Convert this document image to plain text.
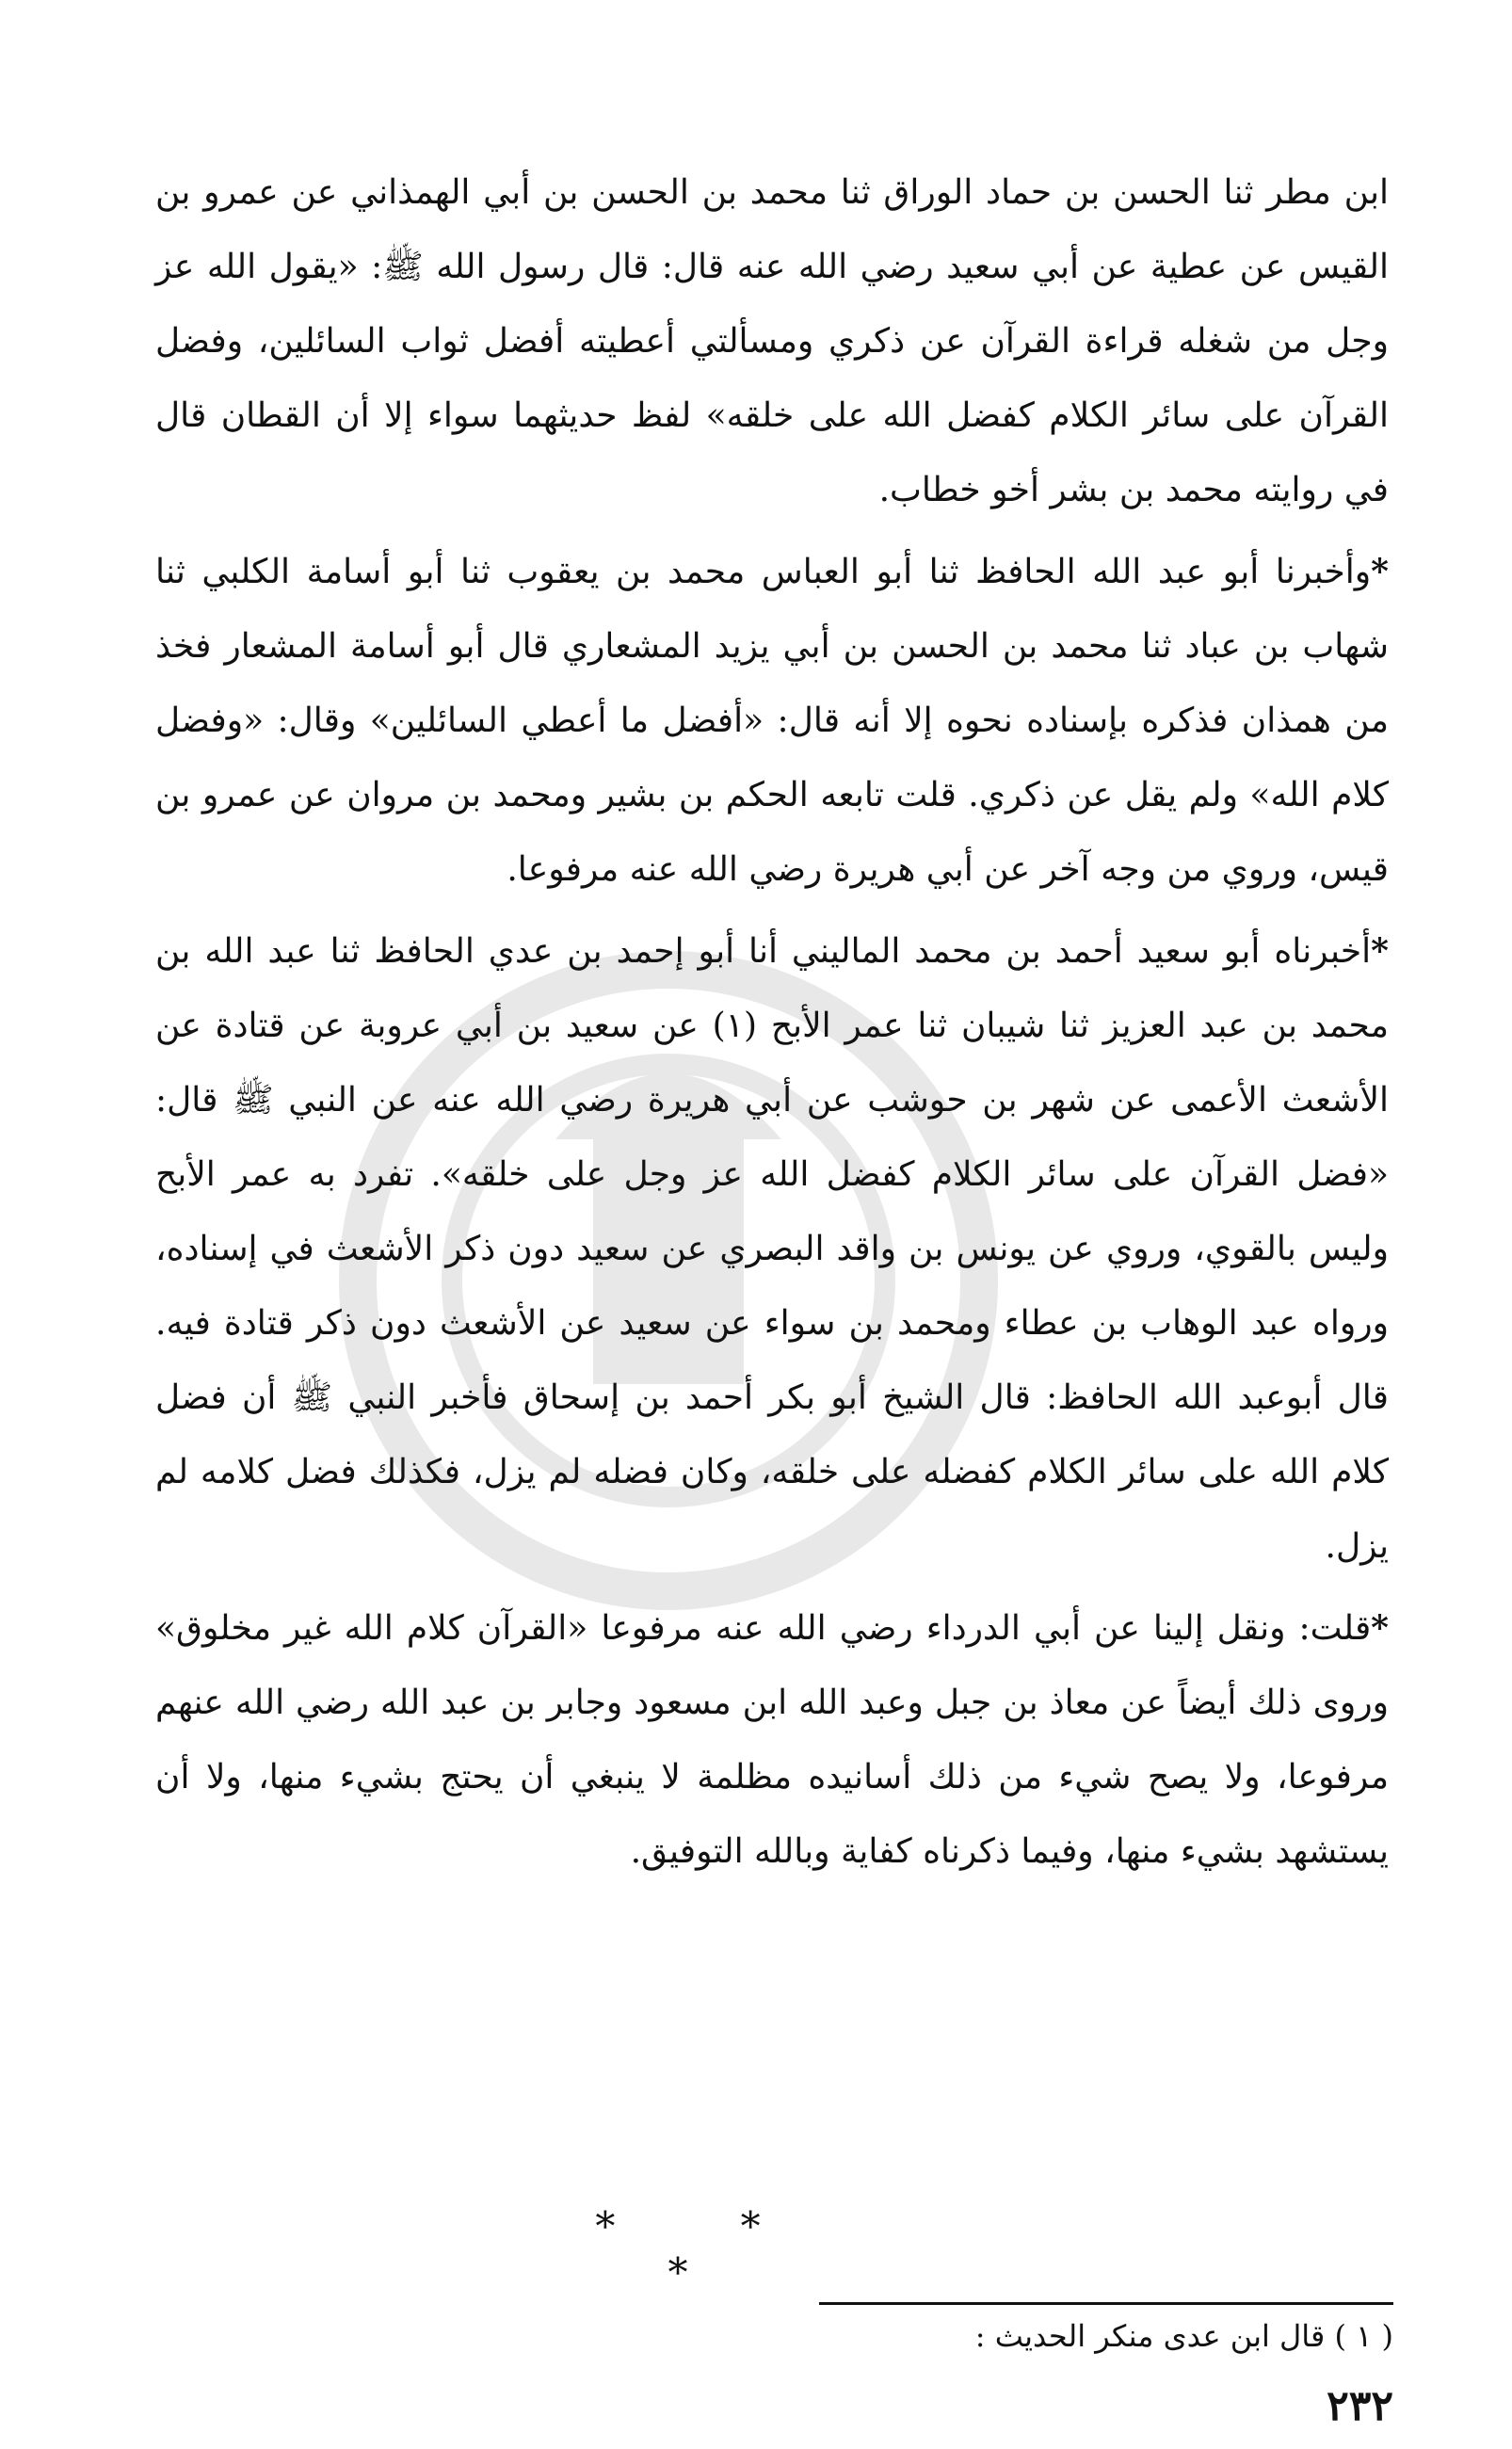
ابن مطر ثنا الحسن بن حماد الوراق ثنا محمد بن الحسن بن أبي الهمذاني عن عمرو بن القيس عن عطية عن أبي سعيد رضي الله عنه قال: قال رسول الله ﷺ: «يقول الله عز وجل من شغله قراءة القرآن عن ذكري ومسألتي أعطيته أفضل ثواب السائلين، وفضل القرآن على سائر الكلام كفضل الله على خلقه» لفظ حديثهما سواء إلا أن القطان قال في روايته محمد بن بشر أخو خطاب.

*وأخبرنا أبو عبد الله الحافظ ثنا أبو العباس محمد بن يعقوب ثنا أبو أسامة الكلبي ثنا شهاب بن عباد ثنا محمد بن الحسن بن أبي يزيد المشعاري قال أبو أسامة المشعار فخذ من همذان فذكره بإسناده نحوه إلا أنه قال: «أفضل ما أعطي السائلين» وقال: «وفضل كلام الله» ولم يقل عن ذكري. قلت تابعه الحكم بن بشير ومحمد بن مروان عن عمرو بن قيس، وروي من وجه آخر عن أبي هريرة رضي الله عنه مرفوعا.

*أخبرناه أبو سعيد أحمد بن محمد الماليني أنا أبو إحمد بن عدي الحافظ ثنا عبد الله بن محمد بن عبد العزيز ثنا شيبان ثنا عمر الأبح (١) عن سعيد بن أبي عروبة عن قتادة عن الأشعث الأعمى عن شهر بن حوشب عن أبي هريرة رضي الله عنه عن النبي ﷺ قال: «فضل القرآن على سائر الكلام كفضل الله عز وجل على خلقه». تفرد به عمر الأبح وليس بالقوي، وروي عن يونس بن واقد البصري عن سعيد دون ذكر الأشعث في إسناده، ورواه عبد الوهاب بن عطاء ومحمد بن سواء عن سعيد عن الأشعث دون ذكر قتادة فيه. قال أبوعبد الله الحافظ: قال الشيخ أبو بكر أحمد بن إسحاق فأخبر النبي ﷺ أن فضل كلام الله على سائر الكلام كفضله على خلقه، وكان فضله لم يزل، فكذلك فضل كلامه لم يزل.

*قلت: ونقل إلينا عن أبي الدرداء رضي الله عنه مرفوعا «القرآن كلام الله غير مخلوق» وروى ذلك أيضاً عن معاذ بن جبل وعبد الله ابن مسعود وجابر بن عبد الله رضي الله عنهم مرفوعا، ولا يصح شيء من ذلك أسانيده مظلمة لا ينبغي أن يحتج بشيء منها، ولا أن يستشهد بشيء منها، وفيما ذكرناه كفاية وبالله التوفيق.

* * *
( ١ ) قال ابن عدى منكر الحديث :
٢٣٢
